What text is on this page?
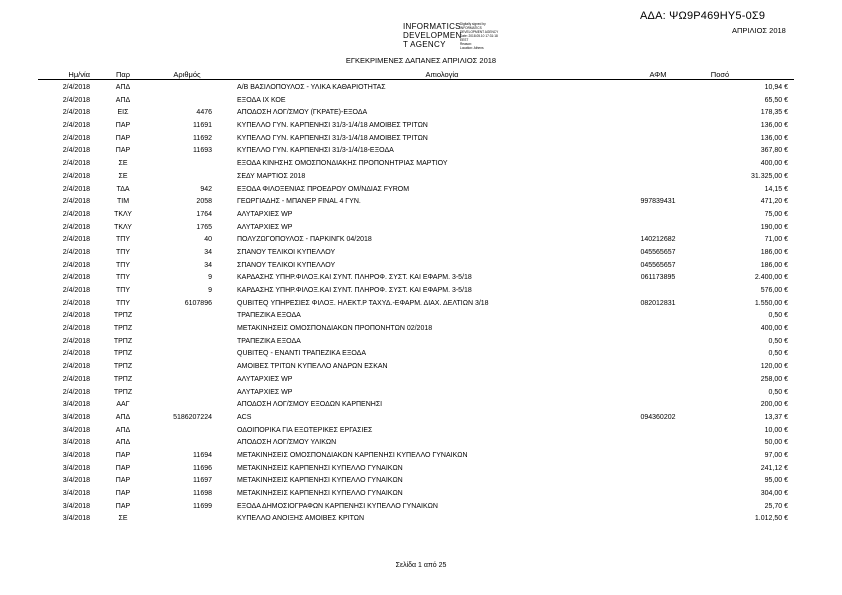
ΑΔΑ: ΨΩ9Ρ469ΗΥ5-0Σ9
ΑΠΡΙΛΙΟΣ 2018
INFORMATICS
DEVELOPMEN
T AGENCY
Digitally signed by
INFORMATICS
DEVELOPMENT AGENCY
Date: 2018.05.10 17:31:18
EEST
Reason:
Location: Athens
ΕΓΚΕΚΡΙΜΕΝΕΣ ΔΑΠΑΝΕΣ ΑΠΡΙΛΙΟΣ 2018
Ημ/νία	Παρ	Αριθμός	Αιτιολογία	ΑΦΜ	Ποσό
2/4/2018	ΑΠΔ	Α/Β ΒΑΣΙΛΟΠΟΥΛΟΣ - ΥΛΙΚΑ ΚΑΘΑΡΙΟΤΗΤΑΣ	10,94 €
2/4/2018	ΑΠΔ	ΕΞΟΔΑ ΙΧ ΚΟΕ	65,50 €
2/4/2018	ΕΙΣ	4476	ΑΠΟΔΟΣΗ ΛΟΓ/ΣΜΟΥ (ΓΚΡΑΤΕ)-ΕΞΟΔΑ	178,35 €
2/4/2018	ΠΑΡ	11691	ΚΥΠΕΛΛΟ ΓΥΝ. ΚΑΡΠΕΝΗΣΙ 31/3-1/4/18 ΑΜΟΙΒΕΣ ΤΡΙΤΩΝ	136,00 €
2/4/2018	ΠΑΡ	11692	ΚΥΠΕΛΛΟ ΓΥΝ. ΚΑΡΠΕΝΗΣΙ 31/3-1/4/18 ΑΜΟΙΒΕΣ ΤΡΙΤΩΝ	136,00 €
2/4/2018	ΠΑΡ	11693	ΚΥΠΕΛΛΟ ΓΥΝ. ΚΑΡΠΕΝΗΣΙ 31/3-1/4/18-ΕΞΟΔΑ	367,80 €
2/4/2018	ΣΕ	ΕΞΟΔΑ ΚΙΝΗΣΗΣ ΟΜΟΣΠΟΝΔΙΑΚΗΣ ΠΡΟΠΟΝΗΤΡΙΑΣ ΜΑΡΤΙΟΥ	400,00 €
2/4/2018	ΣΕ	ΣΕΔΥ ΜΑΡΤΙΟΣ 2018	31.325,00 €
2/4/2018	ΤΔΑ	942	ΕΞΟΔΑ ΦΙΛΟΞΕΝΙΑΣ ΠΡΟΕΔΡΟΥ ΟΜ/ΝΔΙΑΣ FYROM	14,15 €
2/4/2018	ΤΙΜ	2058	ΓΕΩΡΓΙΑΔΗΣ - ΜΠΑΝΕΡ FINAL 4 ΓΥΝ.	997839431	471,20 €
2/4/2018	ΤΚΛΥ	1764	ΑΛΥΤΑΡΧΙΕΣ WP	75,00 €
2/4/2018	ΤΚΛΥ	1765	ΑΛΥΤΑΡΧΙΕΣ WP	190,00 €
2/4/2018	ΤΠΥ	40	ΠΟΛΥΖΩΓΟΠΟΥΛΟΣ - ΠΑΡΚΙΝΓΚ 04/2018	140212682	71,00 €
2/4/2018	ΤΠΥ	34	ΣΠΑΝΟΥ ΤΕΛΙΚΟΙ ΚΥΠΕΛΛΟΥ	045565657	186,00 €
2/4/2018	ΤΠΥ	34	ΣΠΑΝΟΥ ΤΕΛΙΚΟΙ ΚΥΠΕΛΛΟΥ	045565657	186,00 €
2/4/2018	ΤΠΥ	9	ΚΑΡΔΑΣΗΣ ΥΠΗΡ.ΦΙΛΟΞ.ΚΑΙ ΣΥΝΤ. ΠΛΗΡΟΦ. ΣΥΣΤ. ΚΑΙ ΕΦΑΡΜ. 3-5/18	061173895	2.400,00 €
2/4/2018	ΤΠΥ	9	ΚΑΡΔΑΣΗΣ ΥΠΗΡ.ΦΙΛΟΞ.ΚΑΙ ΣΥΝΤ. ΠΛΗΡΟΦ. ΣΥΣΤ. ΚΑΙ ΕΦΑΡΜ. 3-5/18	576,00 €
2/4/2018	ΤΠΥ	6107896	QUBITEQ ΥΠΗΡΕΣΙΕΣ ΦΙΛΟΞ. ΗΛΕΚΤ.Ρ ΤΑΧΥΔ.-ΕΦΑΡΜ. ΔΙΑΧ. ΔΕΛΤΙΩΝ 3/18	082012831	1.550,00 €
2/4/2018	ΤΡΠΖ	ΤΡΑΠΕΖΙΚΑ ΕΞΟΔΑ	0,50 €
2/4/2018	ΤΡΠΖ	ΜΕΤΑΚΙΝΗΣΕΙΣ ΟΜΟΣΠΟΝΔΙΑΚΩΝ ΠΡΟΠΟΝΗΤΩΝ 02/2018	400,00 €
2/4/2018	ΤΡΠΖ	ΤΡΑΠΕΖΙΚΑ ΕΞΟΔΑ	0,50 €
2/4/2018	ΤΡΠΖ	QUBITEQ - ΕΝΑΝΤΙ ΤΡΑΠΕΖΙΚΑ ΕΞΟΔΑ	0,50 €
2/4/2018	ΤΡΠΖ	ΑΜΟΙΒΕΣ ΤΡΙΤΩΝ ΚΥΠΕΛΛΟ ΑΝΔΡΩΝ ΕΣΚΑΝ	120,00 €
2/4/2018	ΤΡΠΖ	ΑΛΥΤΑΡΧΙΕΣ WP	258,00 €
2/4/2018	ΤΡΠΖ	ΑΛΥΤΑΡΧΙΕΣ WP	0,50 €
3/4/2018	ΑΑΓ	ΑΠΟΔΟΣΗ ΛΟΓ/ΣΜΟΥ ΕΞΟΔΩΝ ΚΑΡΠΕΝΗΣΙ	200,00 €
3/4/2018	ΑΠΔ	5186207224	ACS	094360202	13,37 €
3/4/2018	ΑΠΔ	ΟΔΟΙΠΟΡΙΚΑ ΓΙΑ ΕΞΩΤΕΡΙΚΕΣ ΕΡΓΑΣΙΕΣ	10,00 €
3/4/2018	ΑΠΔ	ΑΠΟΔΟΣΗ ΛΟΓ/ΣΜΟΥ ΥΛΙΚΩΝ	50,00 €
3/4/2018	ΠΑΡ	11694	ΜΕΤΑΚΙΝΗΣΕΙΣ ΟΜΟΣΠΟΝΔΙΑΚΩΝ ΚΑΡΠΕΝΗΣΙ ΚΥΠΕΛΛΟ ΓΥΝΑΙΚΩΝ	97,00 €
3/4/2018	ΠΑΡ	11696	ΜΕΤΑΚΙΝΗΣΕΙΣ ΚΑΡΠΕΝΗΣΙ ΚΥΠΕΛΛΟ ΓΥΝΑΙΚΩΝ	241,12 €
3/4/2018	ΠΑΡ	11697	ΜΕΤΑΚΙΝΗΣΕΙΣ ΚΑΡΠΕΝΗΣΙ ΚΥΠΕΛΛΟ ΓΥΝΑΙΚΩΝ	95,00 €
3/4/2018	ΠΑΡ	11698	ΜΕΤΑΚΙΝΗΣΕΙΣ ΚΑΡΠΕΝΗΣΙ ΚΥΠΕΛΛΟ ΓΥΝΑΙΚΩΝ	304,00 €
3/4/2018	ΠΑΡ	11699	ΕΞΟΔΑ ΔΗΜΟΣΙΟΓΡΑΦΩΝ ΚΑΡΠΕΝΗΣΙ ΚΥΠΕΛΛΟ ΓΥΝΑΙΚΩΝ	25,70 €
3/4/2018	ΣΕ	ΚΥΠΕΛΛΟ ΑΝΟΙΞΗΣ ΑΜΟΙΒΕΣ ΚΡΙΤΩΝ	1.012,50 €
Σελίδα 1 από 25
